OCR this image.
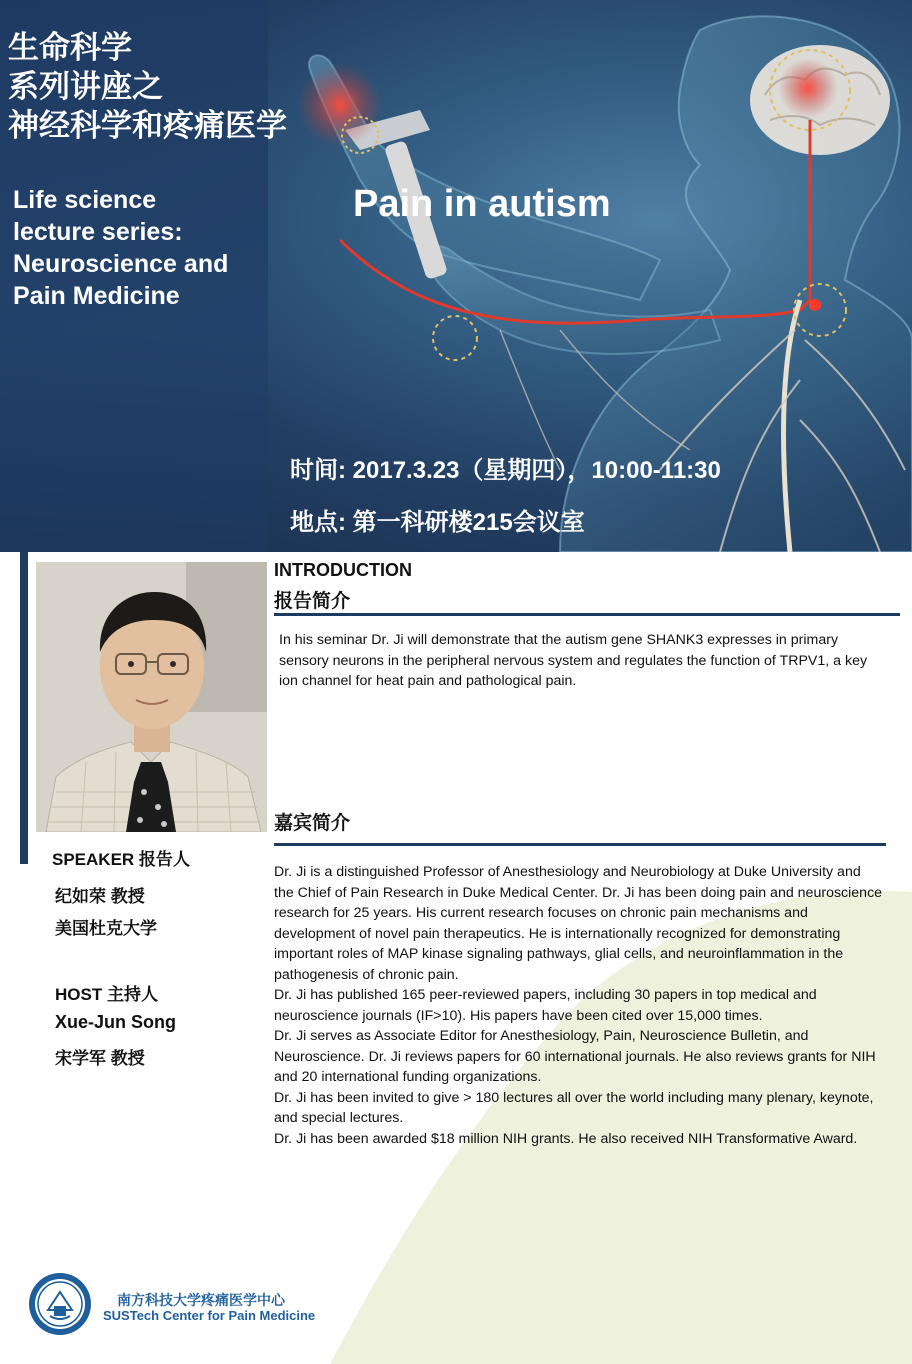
生命科学
系列讲座之
神经科学和疼痛医学
Life science
lecture series:
Neuroscience and
Pain Medicine
Pain in autism
时间: 2017.3.23（星期四），10:00-11:30
地点: 第一科研楼215会议室
INTRODUCTION
报告简介

In his seminar Dr. Ji will demonstrate that the autism gene SHANK3 expresses in primary sensory neurons in the peripheral nervous system and regulates the function of TRPV1, a key ion channel for heat pain and pathological pain.

嘉宾简介

Dr. Ji is a distinguished Professor of Anesthesiology and Neurobiology at Duke University and the Chief of Pain Research in Duke Medical Center. Dr. Ji has been doing pain and neuroscience research for 25 years. His current research focuses on chronic pain mechanisms and development of novel pain therapeutics. He is internationally recognized for demonstrating important roles of MAP kinase signaling pathways, glial cells, and neuroinflammation in the pathogenesis of chronic pain.

Dr. Ji has published 165 peer-reviewed papers, including 30 papers in top medical and neuroscience journals (IF>10). His papers have been cited over 15,000 times.

Dr. Ji serves as Associate Editor for Anesthesiology, Pain, Neuroscience Bulletin, and Neuroscience. Dr. Ji reviews papers for 60 international journals. He also reviews grants for NIH and 20 international funding organizations.

Dr. Ji has been invited to give > 180 lectures all over the world including many plenary, keynote, and special lectures.

Dr. Ji has been awarded $18 million NIH grants. He also received NIH Transformative Award.

SPEAKER 报告人
纪如荣 教授
美国杜克大学
HOST 主持人
Xue-Jun Song
宋学军 教授
南方科技大学疼痛医学中心
SUSTech Center for Pain Medicine
